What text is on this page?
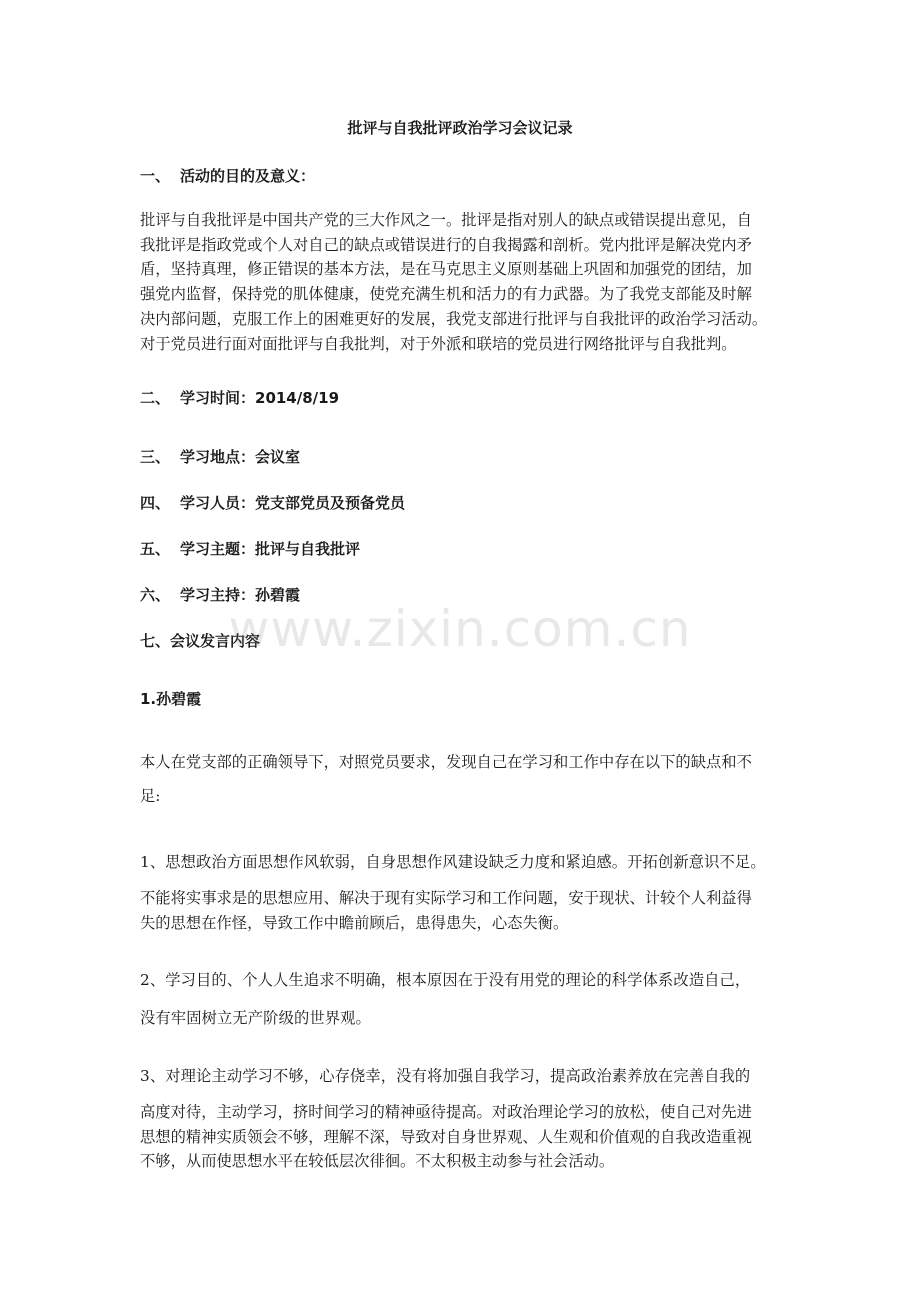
批评与自我批评政治学习会议记录
一、 活动的目的及意义：
批评与自我批评是中国共产党的三大作风之一。批评是指对别人的缺点或错误提出意见，自
我批评是指政党或个人对自己的缺点或错误进行的自我揭露和剖析。党内批评是解决党内矛
盾，坚持真理，修正错误的基本方法，是在马克思主义原则基础上巩固和加强党的团结，加
强党内监督，保持党的肌体健康，使党充满生机和活力的有力武器。为了我党支部能及时解
决内部问题，克服工作上的困难更好的发展，我党支部进行批评与自我批评的政治学习活动。
对于党员进行面对面批评与自我批判，对于外派和联培的党员进行网络批评与自我批判。
二、 学习时间：2014/8/19
三、 学习地点：会议室
四、 学习人员：党支部党员及预备党员
五、 学习主题：批评与自我批评
六、 学习主持：孙碧霞
七、会议发言内容
1.孙碧霞
本人在党支部的正确领导下，对照党员要求，发现自己在学习和工作中存在以下的缺点和不
足:
1、思想政治方面思想作风软弱，自身思想作风建设缺乏力度和紧迫感。开拓创新意识不足。
不能将实事求是的思想应用、解决于现有实际学习和工作问题，安于现状、计较个人利益得
失的思想在作怪，导致工作中瞻前顾后，患得患失，心态失衡。
2、学习目的、个人人生追求不明确，根本原因在于没有用党的理论的科学体系改造自己，
没有牢固树立无产阶级的世界观。
3、对理论主动学习不够，心存侥幸，没有将加强自我学习，提高政治素养放在完善自我的
高度对待，主动学习，挤时间学习的精神亟待提高。对政治理论学习的放松，使自己对先进
思想的精神实质领会不够，理解不深，导致对自身世界观、人生观和价值观的自我改造重视
不够，从而使思想水平在较低层次徘徊。不太积极主动参与社会活动。
www.zixin.com.cn
